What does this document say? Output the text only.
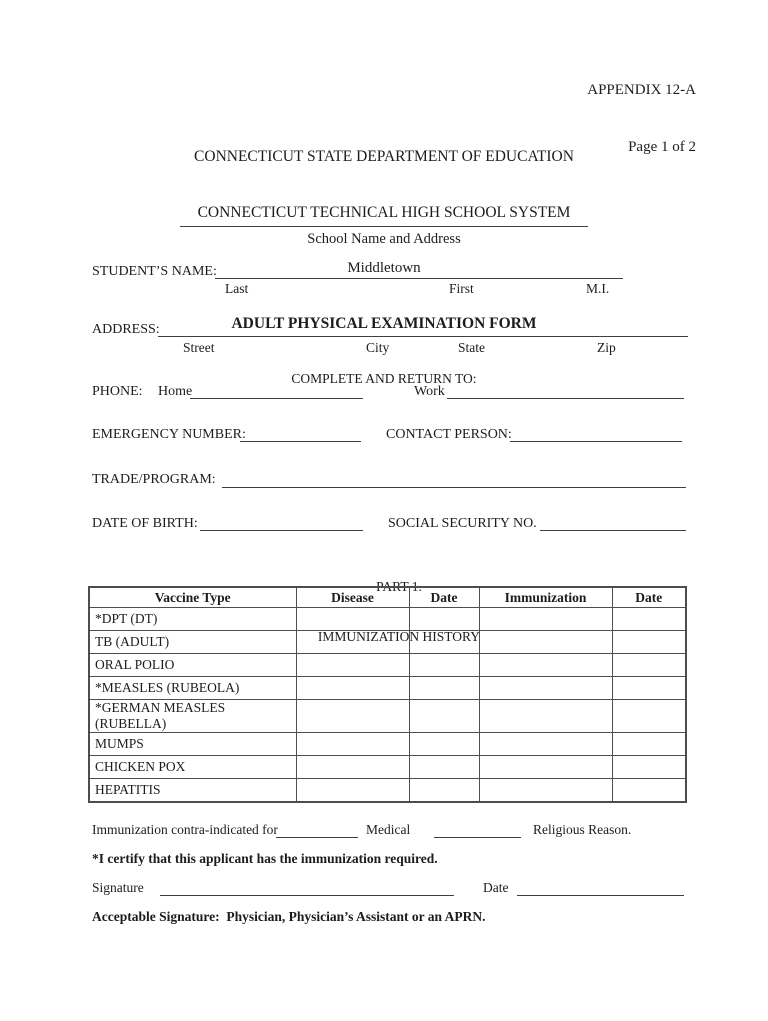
APPENDIX 12-A

Page 1 of 2

CONNECTICUT STATE DEPARTMENT OF EDUCATION

CONNECTICUT TECHNICAL HIGH SCHOOL SYSTEM

Middletown

ADULT PHYSICAL EXAMINATION FORM

COMPLETE AND RETURN TO:

School Name and Address
STUDENT’S NAME:
Last	First	M.I.
ADDRESS:
Street	City	State	Zip
PHONE: Home	Work
EMERGENCY NUMBER:	CONTACT PERSON:
TRADE/PROGRAM:
DATE OF BIRTH:	SOCIAL SECURITY NO.

PART 1.

IMMUNIZATION HISTORY

Vaccine Type	Disease	Date	Immunization	Date
*DPT (DT)				
TB (ADULT)				
ORAL POLIO				
*MEASLES (RUBEOLA)				
*GERMAN MEASLES (RUBELLA)				
MUMPS				
CHICKEN POX				
HEPATITIS				
Immunization contra-indicated for	Medical	Religious Reason.
*I certify that this applicant has the immunization required.
Signature	Date
Acceptable Signature:  Physician, Physician’s Assistant or an APRN.
